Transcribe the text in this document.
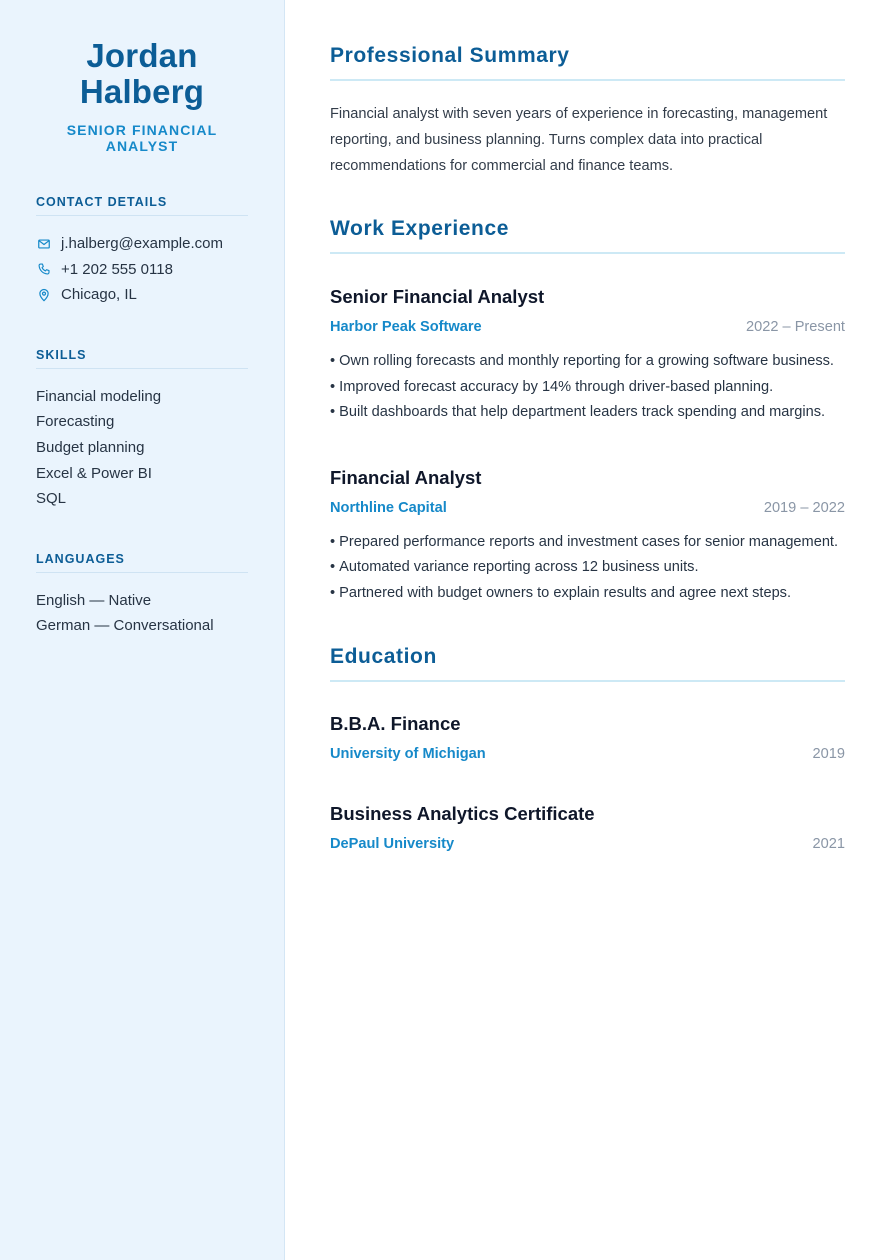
Jordan
Halberg
SENIOR FINANCIAL ANALYST
CONTACT DETAILS
j.halberg@example.com
+1 202 555 0118
Chicago, IL
SKILLS
Financial modeling
Forecasting
Budget planning
Excel & Power BI
SQL
LANGUAGES
English — Native
German — Conversational
Professional Summary

Financial analyst with seven years of experience in forecasting, management reporting, and business planning. Turns complex data into practical recommendations for commercial and finance teams.

Work Experience
Senior Financial Analyst
Harbor Peak Software	2022 – Present
• Own rolling forecasts and monthly reporting for a growing software business.
• Improved forecast accuracy by 14% through driver-based planning.
• Built dashboards that help department leaders track spending and margins.
Financial Analyst
Northline Capital	2019 – 2022
• Prepared performance reports and investment cases for senior management.
• Automated variance reporting across 12 business units.
• Partnered with budget owners to explain results and agree next steps.
Education
B.B.A. Finance
University of Michigan	2019
Business Analytics Certificate
DePaul University	2021
